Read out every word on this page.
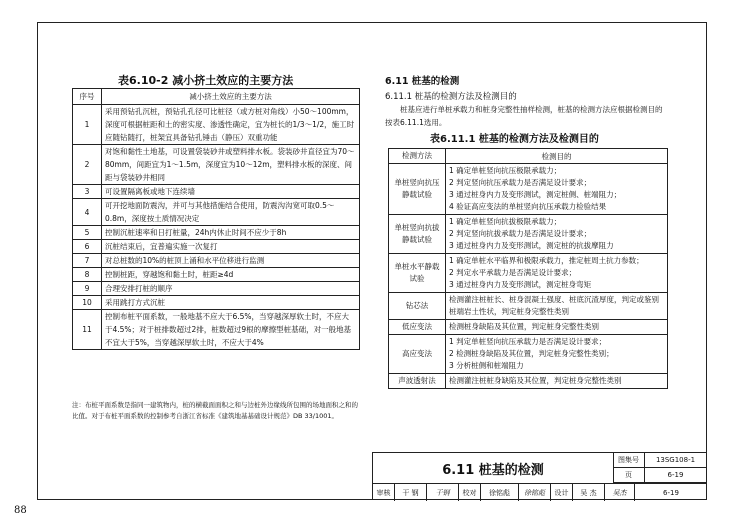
表6.10-2 减小挤土效应的主要方法
序号	减小挤土效应的主要方法
1	采用预钻孔沉桩，预钻孔孔径可比桩径（或方桩对角线）小50～100mm，深度可根据桩距和土的密实度、渗透性确定，宜为桩长的1/3～1/2，施工时应随钻随打，桩架宜具备钻孔锤击（静压）双重功能
2	对饱和黏性土地基，可设置袋装砂井或塑料排水板。袋装砂井直径宜为70～80mm，间距宜为1～1.5m，深度宜为10～12m，塑料排水板的深度、间距与袋装砂井相同
3	可设置隔离板或地下连续墙
4	可开挖地面防震沟，并可与其他措施结合使用，防震沟沟宽可取0.5～0.8m，深度按土质情况决定
5	控制沉桩速率和日打桩量，24h内休止时间不应少于8h
6	沉桩结束后，宜普遍实施一次复打
7	对总桩数的10%的桩顶上涌和水平位移进行监测
8	控制桩距，穿越饱和黏土时，桩距≥4d
9	合理安排打桩的顺序
10	采用跳打方式沉桩
11	控制布桩平面系数，一般地基不应大于6.5%，当穿越深厚软土时，不应大于4.5%；对于桩排数超过2排，桩数超过9根的摩擦型桩基础，对一般地基不宜大于5%，当穿越深厚软土时，不应大于4%
注：布桩平面系数是指同一建筑物内，桩的横截面面积之和与边桩外边缘线所包围的场地面积之和的比值。对于布桩平面系数的控制参考自浙江省标准《建筑地基基础设计规范》DB 33/1001。
6.11 桩基的检测
6.11.1 桩基的检测方法及检测目的
桩基应进行单桩承载力和桩身完整性抽样检测，桩基的检测方法应根据检测目的按表6.11.1选用。
表6.11.1 桩基的检测方法及检测目的
检测方法	检测目的
单桩竖向抗压静载试验	1 确定单桩竖向抗压极限承载力；
2 判定竖向抗压承载力是否满足设计要求；
3 通过桩身内力及变形测试，测定桩侧、桩端阻力；
4 验证高应变法的单桩竖向抗压承载力检验结果

单桩竖向抗拔静载试验	1 确定单桩竖向抗拔极限承载力；
2 判定竖向抗拔承载力是否满足设计要求；
3 通过桩身内力及变形测试，测定桩的抗拔摩阻力

单桩水平静载试验	1 确定单桩水平临界和极限承载力，推定桩周土抗力参数；
2 判定水平承载力是否满足设计要求；
3 通过桩身内力及变形测试，测定桩身弯矩

钻芯法	检测灌注桩桩长、桩身混凝土强度、桩底沉渣厚度，判定或鉴别桩端岩土性状，判定桩身完整性类别

低应变法	检测桩身缺陷及其位置，判定桩身完整性类别

高应变法	1 判定单桩竖向抗压承载力是否满足设计要求；
2 检测桩身缺陷及其位置，判定桩身完整性类别；
3 分析桩侧和桩端阻力

声波透射法	检测灌注桩桩身缺陷及其位置，判定桩身完整性类别
6.11 桩基的检测
图集号	13SG108-1
页	6-19
审核	干 钢	干钢	校对	徐铭彪	徐铭彪	设计	吴 杰	吴杰	6-19
88
